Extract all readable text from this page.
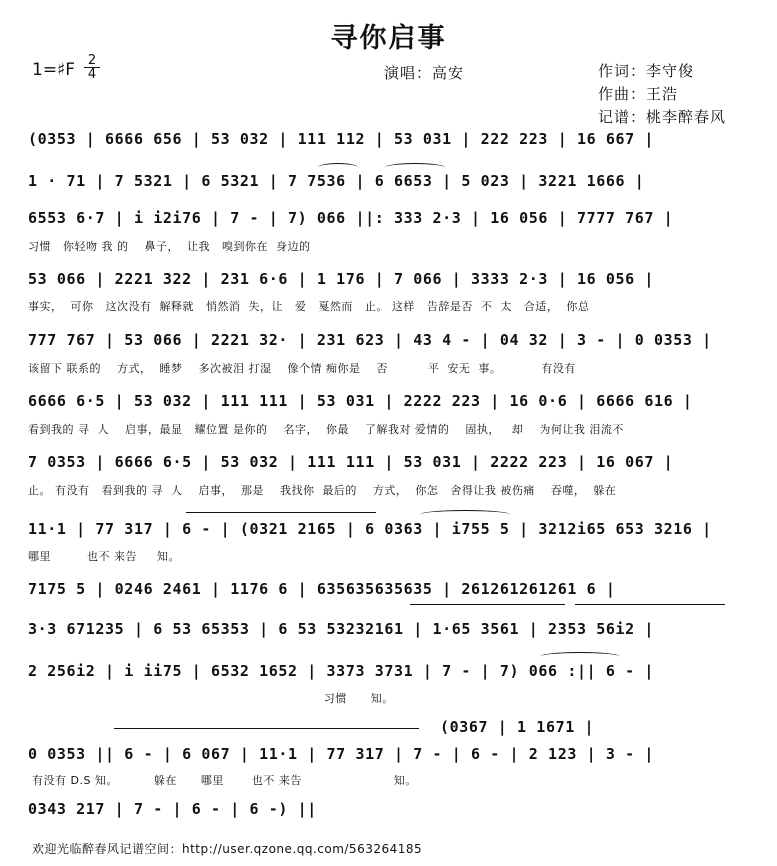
寻你启事
1=♯F 2
4	演唱：高安	作词：李守俊
作曲：王浩
记谱：桃李醉春风
(0353 | 6666 656 | 53 032 | 111 112 | 53 031 | 222 223 | 16 667 |
1 · 71 | 7 5321 | 6 5321 | 7 7536 | 6 6653 | 5 023 | 3221 1666 |
6553 6·7 | i i2i76 | 7 - | 7) 066 ||: 333 2·3 | 16 056 | 7777 767 |
习惯   你轻吻 我 的    鼻子，  让我   嗅到你在  身边的
53 066 | 2221 322 | 231 6·6 | 1 176 | 7 066 | 3333 2·3 | 16 056 |
事实，  可你   这次没有  解释就   悄然消  失，让   爱   戛然而   止。 这样   告辞是否  不  太   合适，  你总
777 767 | 53 066 | 2221 32· | 231 623 | 43 4 - | 04 32 | 3 - | 0 0353 |
该留下 联系的    方式，  睡梦    多次被泪 打湿    像个情 痴你是    否          平  安无  事。          有没有
6666 6·5 | 53 032 | 111 111 | 53 031 | 2222 223 | 16 0·6 | 6666 616 |
看到我的 寻  人    启事，最显   耀位置 是你的    名字，  你最    了解我对 爱情的    固执，   却    为何让我 泪流不
7 0353 | 6666 6·5 | 53 032 | 111 111 | 53 031 | 2222 223 | 16 067 |
止。 有没有   看到我的 寻  人    启事，  那是    我找你  最后的    方式，  你怎   舍得让我 被伤痛    吞噬，  躲在
11·1 | 77 317 | 6 - | (0321 2165 | 6 0363 | i755 5 | 3212i65 653 3216 |
哪里         也不 来告     知。
7175 5 | 0246 2461 | 1176 6 | 635635635635 | 261261261261 6 |
3·3 671235 | 6 53 65353 | 6 53 53232161 | 1·65 3561 | 2353 56i2 |
2 256i2 | i ii75 | 6532 1652 | 3373 3731 | 7 - | 7) 066 :|| 6 - |
习惯      知。
(0367 | 1 1671 |
0 0353 || 6 - | 6 067 | 11·1 | 77 317 | 7 - | 6 - | 2 123 | 3 - |
有没有 D.S 知。         躲在      哪里       也不 来告                       知。
0343 217 | 7 - | 6 - | 6 -) ||
欢迎光临醉春风记谱空间：http://user.qzone.qq.com/563264185
